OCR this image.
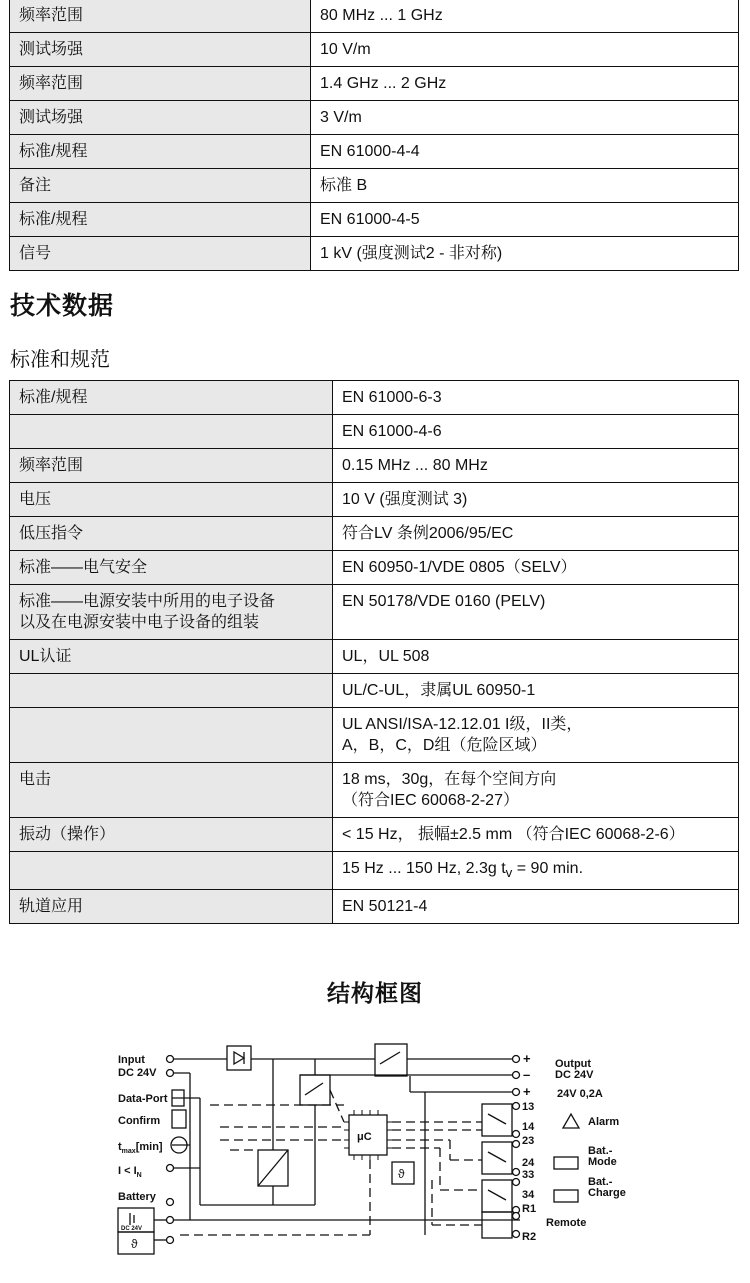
频率范围	80 MHz ... 1 GHz

测试场强	10 V/m

频率范围	1.4 GHz ... 2 GHz

测试场强	3 V/m

标准/规程	EN 61000-4-4

备注	标准 B

标准/规程	EN 61000-4-5

信号	1 kV (强度测试2 - 非对称)
技术数据
标准和规范
标准/规程	EN 61000-6-3

	EN 61000-4-6

频率范围	0.15 MHz ... 80 MHz

电压	10 V (强度测试 3)

低压指令	符合LV 条例2006/95/EC

标准——电气安全	EN 60950-1/VDE 0805（SELV）

标准——电源安装中所用的电子设备
以及在电源安装中电子设备的组装	EN 50178/VDE 0160 (PELV)

UL认证	UL，UL 508

	UL/C-UL，隶属UL 60950-1

	UL ANSI/ISA-12.12.01 I级，II类，
A，B，C，D组（危险区域）

电击	18 ms，30g，在每个空间方向
（符合IEC 60068-2-27）

振动（操作）	< 15 Hz， 振幅±2.5 mm （符合IEC 60068-2-6）

	15 Hz ... 150 Hz, 2.3g $t_v = 90$ min.

轨道应用	EN 50121-4
结构框图
Input
DC 24V
Data-Port
Confirm
$t_{max}[\min]$
$I < I_N$
Battery
DC 24V
ϑ
μC
ϑ
+
–
+
Output
DC 24V
24V 0,2A
13
14
23
24
33
34
R1
R2
Alarm
Bat.-
Mode
Bat.-
Charge
Remote
